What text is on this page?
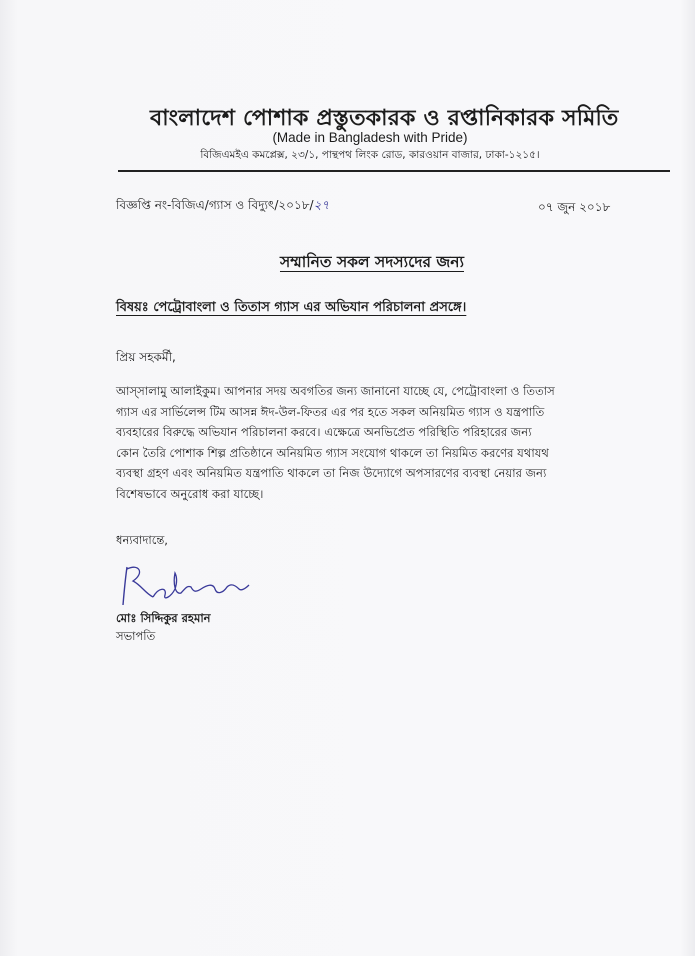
বাংলাদেশ পোশাক প্রস্তুতকারক ও রপ্তানিকারক সমিতি
(Made in Bangladesh with Pride)
বিজিএমইএ কমপ্লেক্স, ২৩/১, পান্থপথ লিংক রোড, কারওয়ান বাজার, ঢাকা-১২১৫।
বিজ্ঞপ্তি নং-বিজিএ/গ্যাস ও বিদ্যুৎ/২০১৮/২৭	০৭ জুন ২০১৮
সম্মানিত সকল সদস্যদের জন্য
বিষয়ঃ পেট্রোবাংলা ও তিতাস গ্যাস এর অভিযান পরিচালনা প্রসঙ্গে।
প্রিয় সহকর্মী,
আস্‌সালামু আলাইকুম। আপনার সদয় অবগতির জন্য জানানো যাচ্ছে যে, পেট্রোবাংলা ও তিতাস
গ্যাস এর সার্ভিলেন্স টিম আসন্ন ঈদ-উল-ফিতর এর পর হতে সকল অনিয়মিত গ্যাস ও যন্ত্রপাতি
ব্যবহারের বিরুদ্ধে অভিযান পরিচালনা করবে। এক্ষেত্রে অনভিপ্রেত পরিস্থিতি পরিহারের জন্য
কোন তৈরি পোশাক শিল্প প্রতিষ্ঠানে অনিয়মিত গ্যাস সংযোগ থাকলে তা নিয়মিত করণের যথাযথ
ব্যবস্থা গ্রহণ এবং অনিয়মিত যন্ত্রপাতি থাকলে তা নিজ উদ্যোগে অপসারণের ব্যবস্থা নেয়ার জন্য
বিশেষভাবে অনুরোধ করা যাচ্ছে।
ধন্যবাদান্তে,
মোঃ সিদ্দিকুর রহমান
সভাপতি
